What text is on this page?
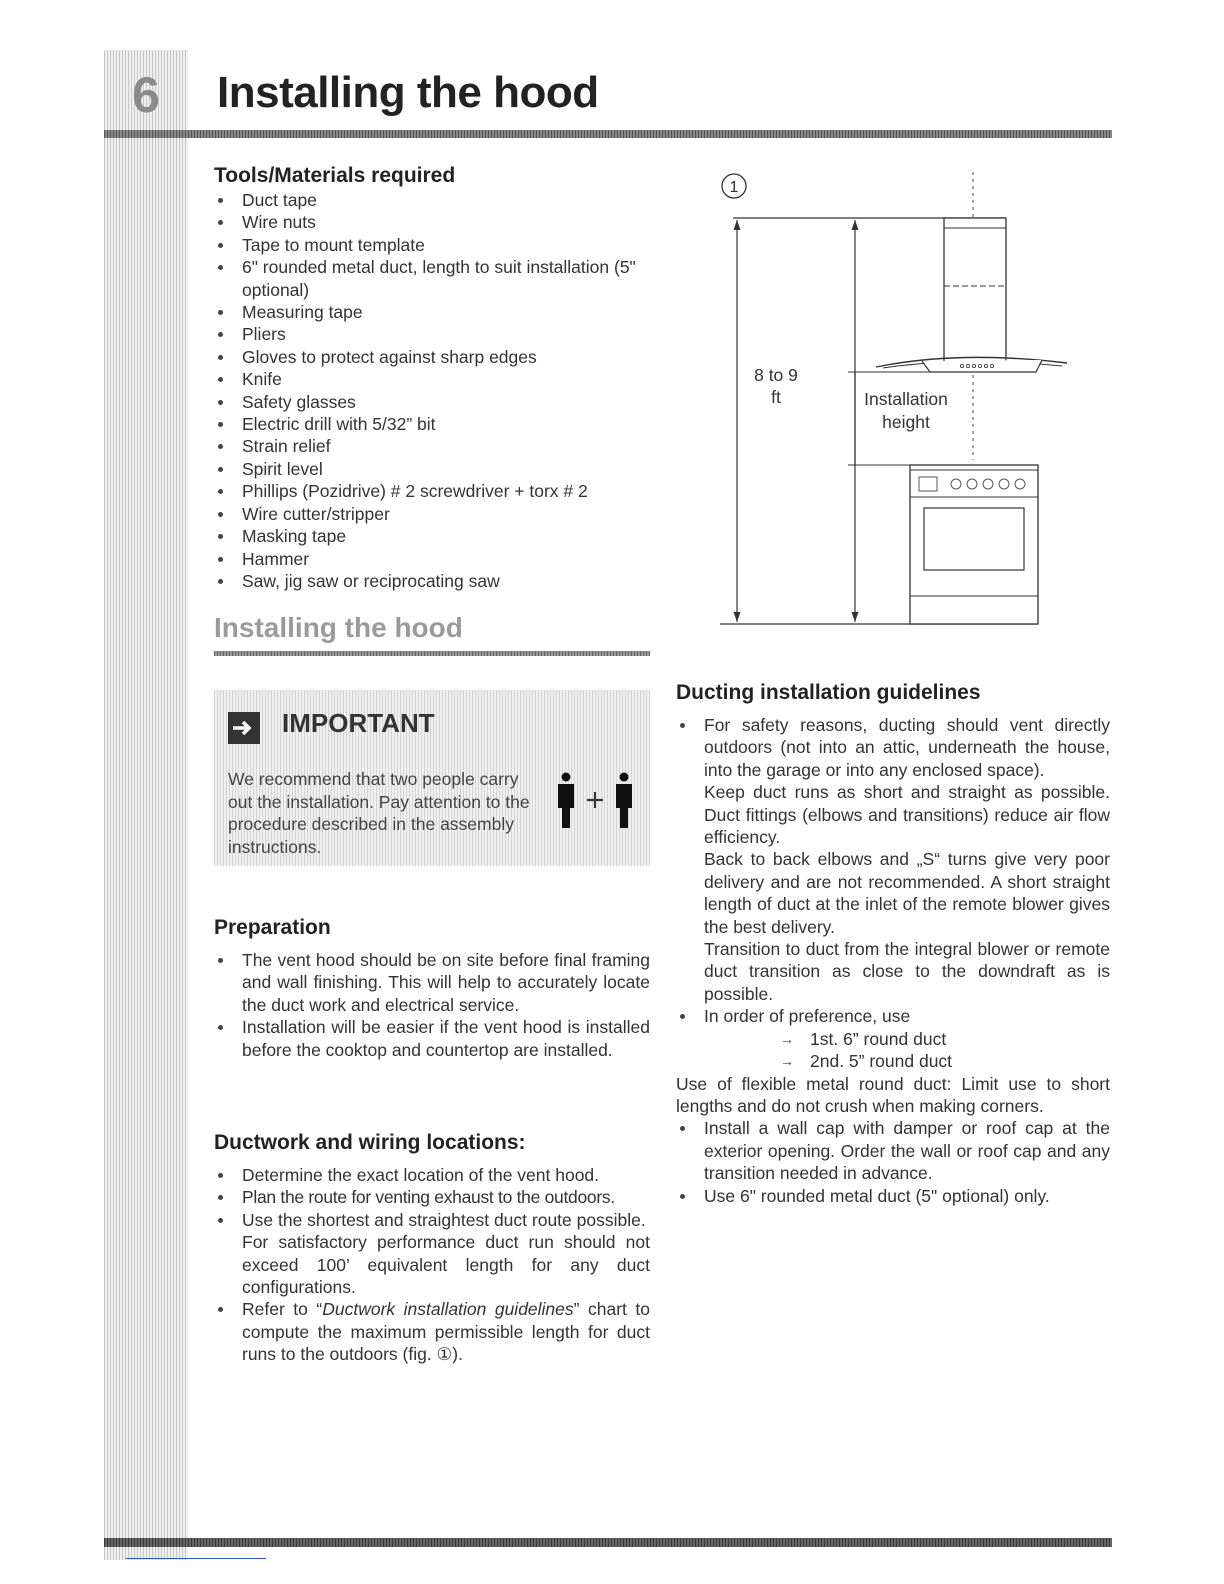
6	Installing the hood
Tools/Materials required
Duct tape
Wire nuts
Tape to mount template
6" rounded metal duct, length to suit installation (5" optional)
Measuring tape
Pliers
Gloves to protect against sharp edges
Knife
Safety glasses
Electric drill with 5/32” bit
Strain relief
Spirit level
Phillips (Pozidrive) # 2 screwdriver + torx # 2
Wire cutter/stripper
Masking tape
Hammer
Saw, jig saw or reciprocating saw
Installing the hood
IMPORTANT
We recommend that two people carry out the installation. Pay attention to the procedure described in the assembly instructions.
Preparation
The vent hood should be on site before final framing and wall finishing. This will help to accurately locate the duct work and electrical service.
Installation will be easier if the vent hood is installed before the cooktop and countertop are installed.
Ductwork and wiring locations:
Determine the exact location of the vent hood.
Plan the route for venting exhaust to the outdoors.
Use the shortest and straightest duct route possible.
For satisfactory performance duct run should not exceed 100’ equivalent length for any duct configurations.
Refer to “Ductwork installation guidelines” chart to compute the maximum permissible length for duct runs to the outdoors (fig. ①).
1
8 to 9
ft	Installation
height
Ducting installation guidelines
For safety reasons, ducting should vent directly outdoors (not into an attic, underneath the house, into the garage or into any enclosed space).
Keep duct runs as short and straight as possible. Duct fittings (elbows and transitions) reduce air flow efficiency.
Back to back elbows and „S“ turns give very poor delivery and are not recommended. A short straight length of duct at the inlet of the remote blower gives the best delivery.
Transition to duct from the integral blower or remote duct transition as close to the downdraft as is possible.
In order of preference, use
→ 1st. 6” round duct
→ 2nd. 5” round duct
Use of flexible metal round duct: Limit use to short lengths and do not crush when making corners.
Install a wall cap with damper or roof cap at the exterior opening. Order the wall or roof cap and any transition needed in advance.
Use 6" rounded metal duct (5" optional) only.
